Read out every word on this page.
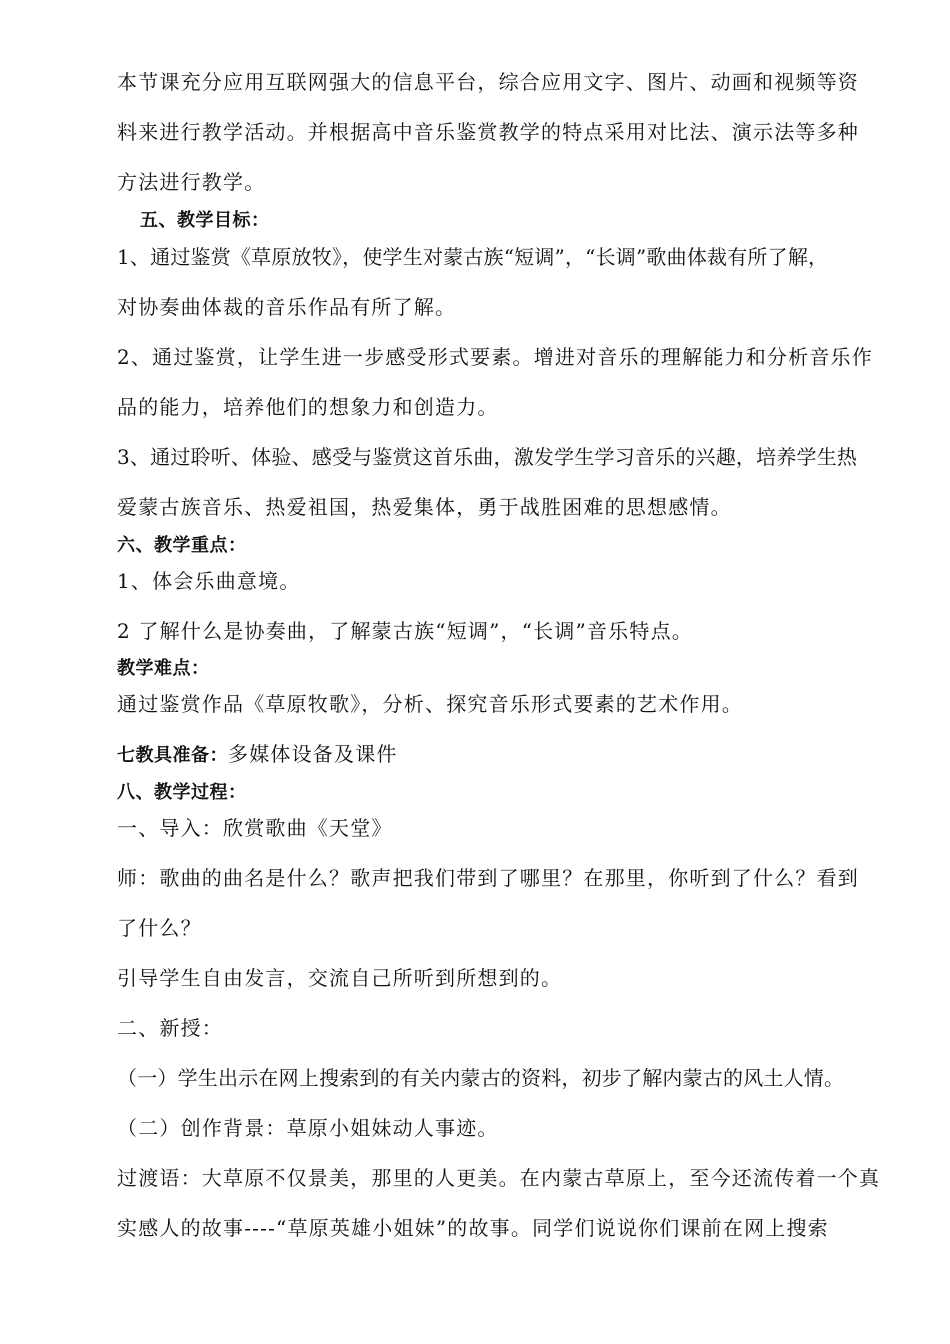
本节课充分应用互联网强大的信息平台，综合应用文字、图片、动画和视频等资
料来进行教学活动。并根据高中音乐鉴赏教学的特点采用对比法、演示法等多种
方法进行教学。
五、教学目标：
1、通过鉴赏《草原放牧》，使学生对蒙古族“短调”，“长调”歌曲体裁有所了解，
对协奏曲体裁的音乐作品有所了解。
2、通过鉴赏，让学生进一步感受形式要素。增进对音乐的理解能力和分析音乐作
品的能力，培养他们的想象力和创造力。
3、通过聆听、体验、感受与鉴赏这首乐曲，激发学生学习音乐的兴趣，培养学生热
爱蒙古族音乐、热爱祖国，热爱集体，勇于战胜困难的思想感情。
六、教学重点：
1、体会乐曲意境。
2 了解什么是协奏曲，了解蒙古族“短调”，“长调”音乐特点。
教学难点：
通过鉴赏作品《草原牧歌》，分析、探究音乐形式要素的艺术作用。
七教具准备：多媒体设备及课件
八、教学过程：
一、导入：欣赏歌曲《天堂》
师：歌曲的曲名是什么？歌声把我们带到了哪里？在那里，你听到了什么？看到
了什么？
引导学生自由发言，交流自己所听到所想到的。
二、新授：
（一）学生出示在网上搜索到的有关内蒙古的资料，初步了解内蒙古的风土人情。
（二）创作背景：草原小姐妹动人事迹。
过渡语：大草原不仅景美，那里的人更美。在内蒙古草原上，至今还流传着一个真
实感人的故事----“草原英雄小姐妹”的故事。同学们说说你们课前在网上搜索
